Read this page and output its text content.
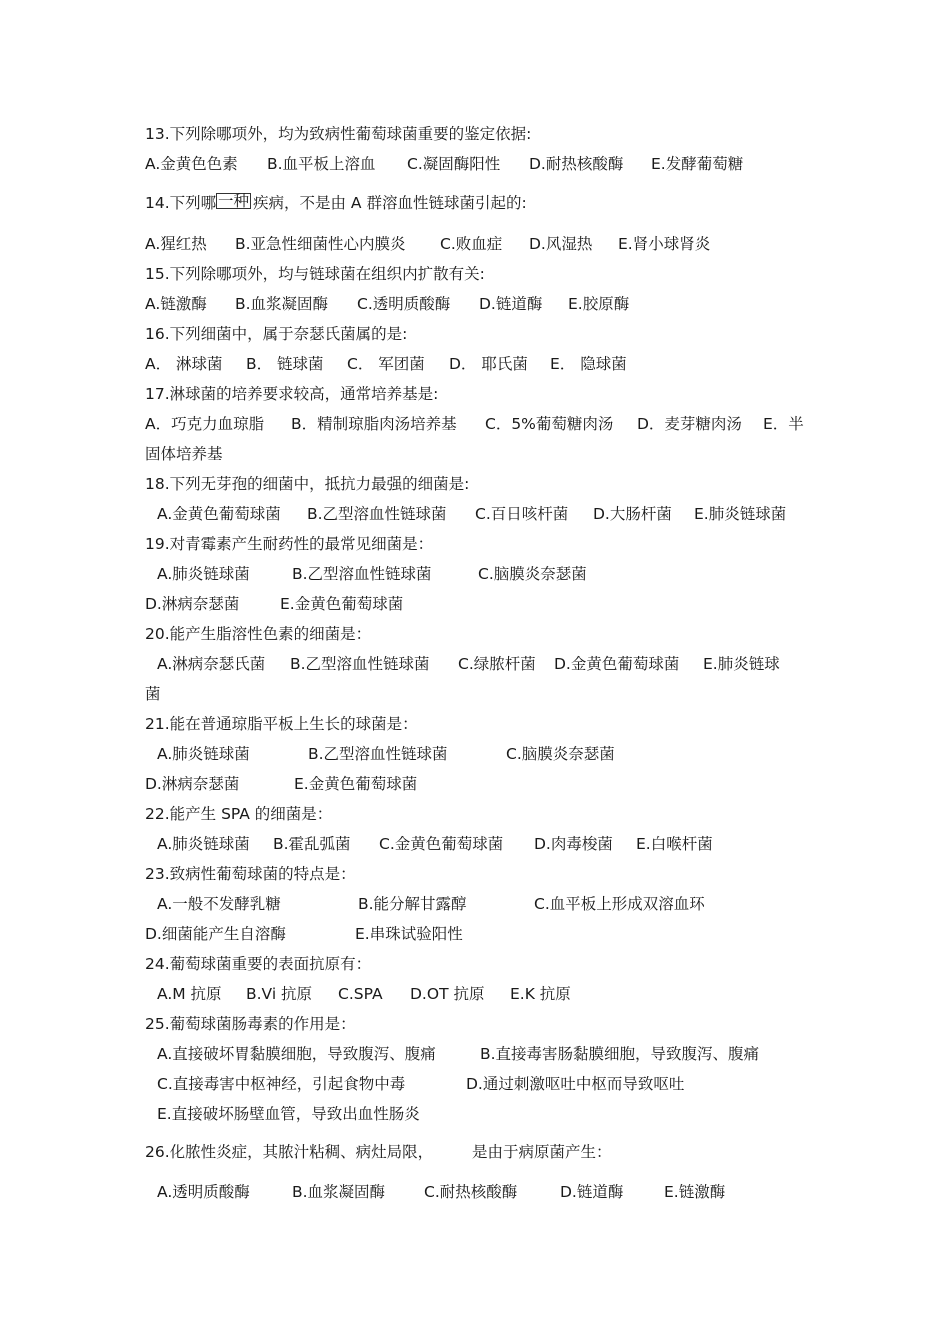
13.下列除哪项外，均为致病性葡萄球菌重要的鉴定依据:
A.金黄色色素 B.血平板上溶血 C.凝固酶阳性 D.耐热核酸酶 E.发酵葡萄糖
14.下列哪 一种 疾病，不是由 A 群溶血性链球菌引起的:
A.猩红热 B.亚急性细菌性心内膜炎 C.败血症 D.风湿热 E.肾小球肾炎
15.下列除哪项外，均与链球菌在组织内扩散有关:
A.链激酶 B.血浆凝固酶 C.透明质酸酶 D.链道酶 E.胶原酶
16.下列细菌中，属于奈瑟氏菌属的是:
A． 淋球菌 B． 链球菌 C． 军团菌 D． 耶氏菌 E． 隐球菌
17.淋球菌的培养要求较高，通常培养基是:
A．巧克力血琼脂 B．精制琼脂肉汤培养基 C．5%葡萄糖肉汤 D．麦芽糖肉汤 E．半
固体培养基
18.下列无芽孢的细菌中，抵抗力最强的细菌是:
A.金黄色葡萄球菌 B.乙型溶血性链球菌 C.百日咳杆菌 D.大肠杆菌 E.肺炎链球菌
19.对青霉素产生耐药性的最常见细菌是：
A.肺炎链球菌	B.乙型溶血性链球菌	C.脑膜炎奈瑟菌
D.淋病奈瑟菌	E.金黄色葡萄球菌
20.能产生脂溶性色素的细菌是：
A.淋病奈瑟氏菌 B.乙型溶血性链球菌 C.绿脓杆菌 D.金黄色葡萄球菌 E.肺炎链球
菌
21.能在普通琼脂平板上生长的球菌是：
A.肺炎链球菌	B.乙型溶血性链球菌	C.脑膜炎奈瑟菌
D.淋病奈瑟菌	E.金黄色葡萄球菌
22.能产生 SPA 的细菌是：
A.肺炎链球菌 B.霍乱弧菌 C.金黄色葡萄球菌 D.肉毒梭菌 E.白喉杆菌
23.致病性葡萄球菌的特点是：
A.一般不发酵乳糖	B.能分解甘露醇	C.血平板上形成双溶血环
D.细菌能产生自溶酶	E.串珠试验阳性
24.葡萄球菌重要的表面抗原有：
A.M 抗原 B.Vi 抗原 C.SPA D.OT 抗原 E.K 抗原
25.葡萄球菌肠毒素的作用是：
A.直接破坏胃黏膜细胞，导致腹泻、腹痛	B.直接毒害肠黏膜细胞，导致腹泻、腹痛
C.直接毒害中枢神经，引起食物中毒	D.通过刺激呕吐中枢而导致呕吐
E.直接破坏肠壁血管，导致出血性肠炎
26.化脓性炎症，其脓汁粘稠、病灶局限，	是由于病原菌产生：
A.透明质酸酶	B.血浆凝固酶	C.耐热核酸酶	D.链道酶	E.链激酶
